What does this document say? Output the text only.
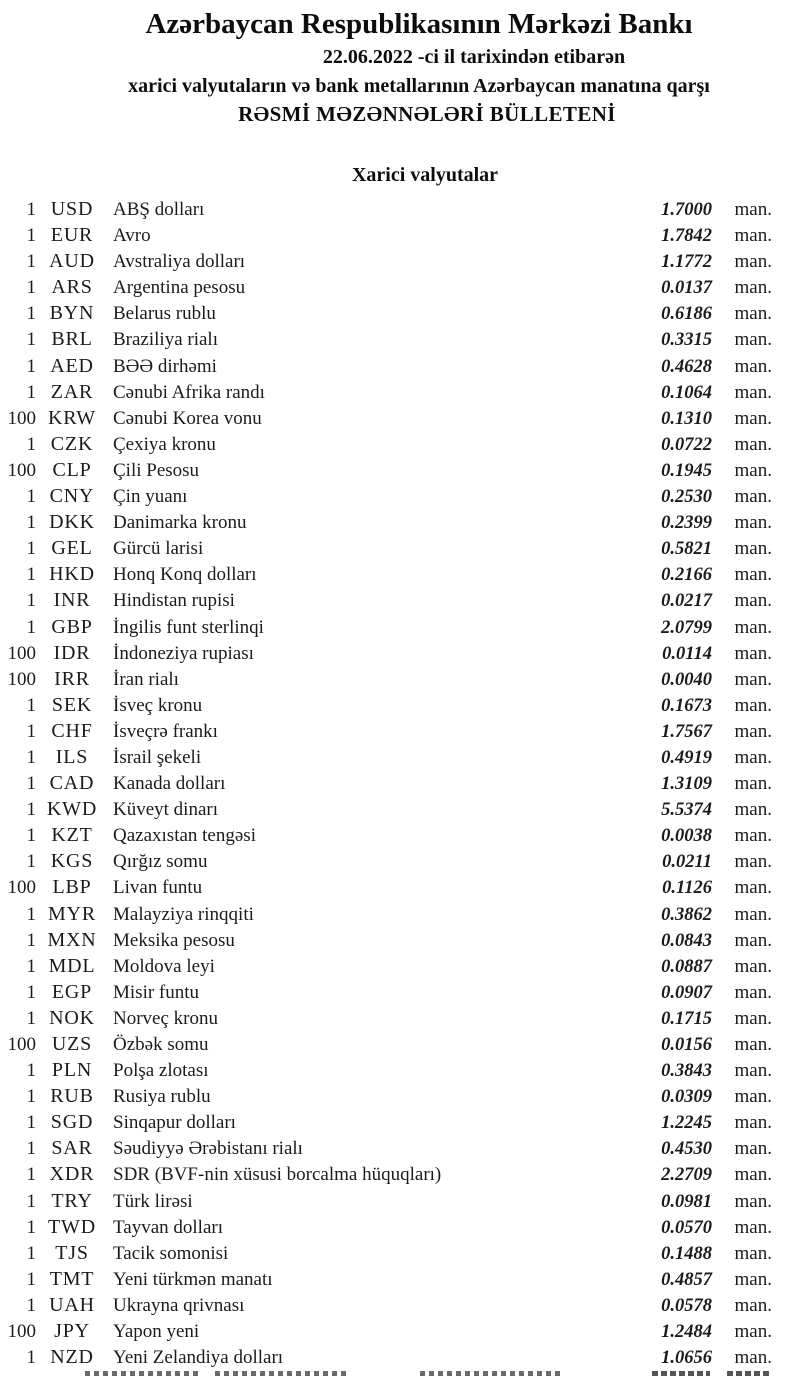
Azərbaycan Respublikasının Mərkəzi Bankı
22.06.2022 -ci il tarixindən etibarən
xarici valyutaların və bank metallarının Azərbaycan manatına qarşı
RƏSMİ MƏZƏNNƏLƏRİ BÜLLETENİ
Xarici valyutalar
1 USD	ABŞ dolları	1.7000	man.
1 EUR	Avro	1.7842	man.
1 AUD Avstraliya dolları	1.1772	man.
1 ARS	Argentina pesosu	0.0137	man.
1 BYN Belarus rublu	0.6186	man.
1 BRL	Braziliya rialı	0.3315	man.
1 AED	BƏƏ dirhəmi	0.4628	man.
1 ZAR	Cənubi Afrika randı	0.1064	man.
100 KRW Cənubi Korea vonu	0.1310	man.
1 CZK	Çexiya kronu	0.0722	man.
100 CLP	Çili Pesosu	0.1945	man.
1 CNY Çin yuanı	0.2530	man.
1 DKK Danimarka kronu	0.2399	man.
1 GEL	Gürcü larisi	0.5821	man.
1 HKD Honq Konq dolları	0.2166	man.
1 INR	Hindistan rupisi	0.0217	man.
1 GBP	İngilis funt sterlinqi	2.0799	man.
100 IDR	İndoneziya rupiası	0.0114	man.
100 IRR	İran rialı	0.0040	man.
1 SEK	İsveç kronu	0.1673	man.
1 CHF	İsveçrə frankı	1.7567	man.
1 ILS	İsrail şekeli	0.4919	man.
1 CAD Kanada dolları	1.3109	man.
1 KWD Küveyt dinarı	5.5374	man.
1 KZT	Qazaxıstan tengəsi	0.0038	man.
1 KGS	Qırğız somu	0.0211	man.
100 LBP	Livan funtu	0.1126	man.
1 MYR Malayziya rinqqiti	0.3862	man.
1 MXN Meksika pesosu	0.0843	man.
1 MDL Moldova leyi	0.0887	man.
1 EGP	Misir funtu	0.0907	man.
1 NOK Norveç kronu	0.1715	man.
100 UZS	Özbək somu	0.0156	man.
1 PLN	Polşa zlotası	0.3843	man.
1 RUB	Rusiya rublu	0.0309	man.
1 SGD	Sinqapur dolları	1.2245	man.
1 SAR	Səudiyyə Ərəbistanı rialı	0.4530	man.
1 XDR SDR (BVF-nin xüsusi borcalma hüquqları)	2.2709	man.
1 TRY	Türk lirəsi	0.0981	man.
1 TWD Tayvan dolları	0.0570	man.
1 TJS	Tacik somonisi	0.1488	man.
1 TMT Yeni türkmən manatı	0.4857	man.
1 UAH Ukrayna qrivnası	0.0578	man.
100 JPY	Yapon yeni	1.2484	man.
1 NZD	Yeni Zelandiya dolları	1.0656	man.
